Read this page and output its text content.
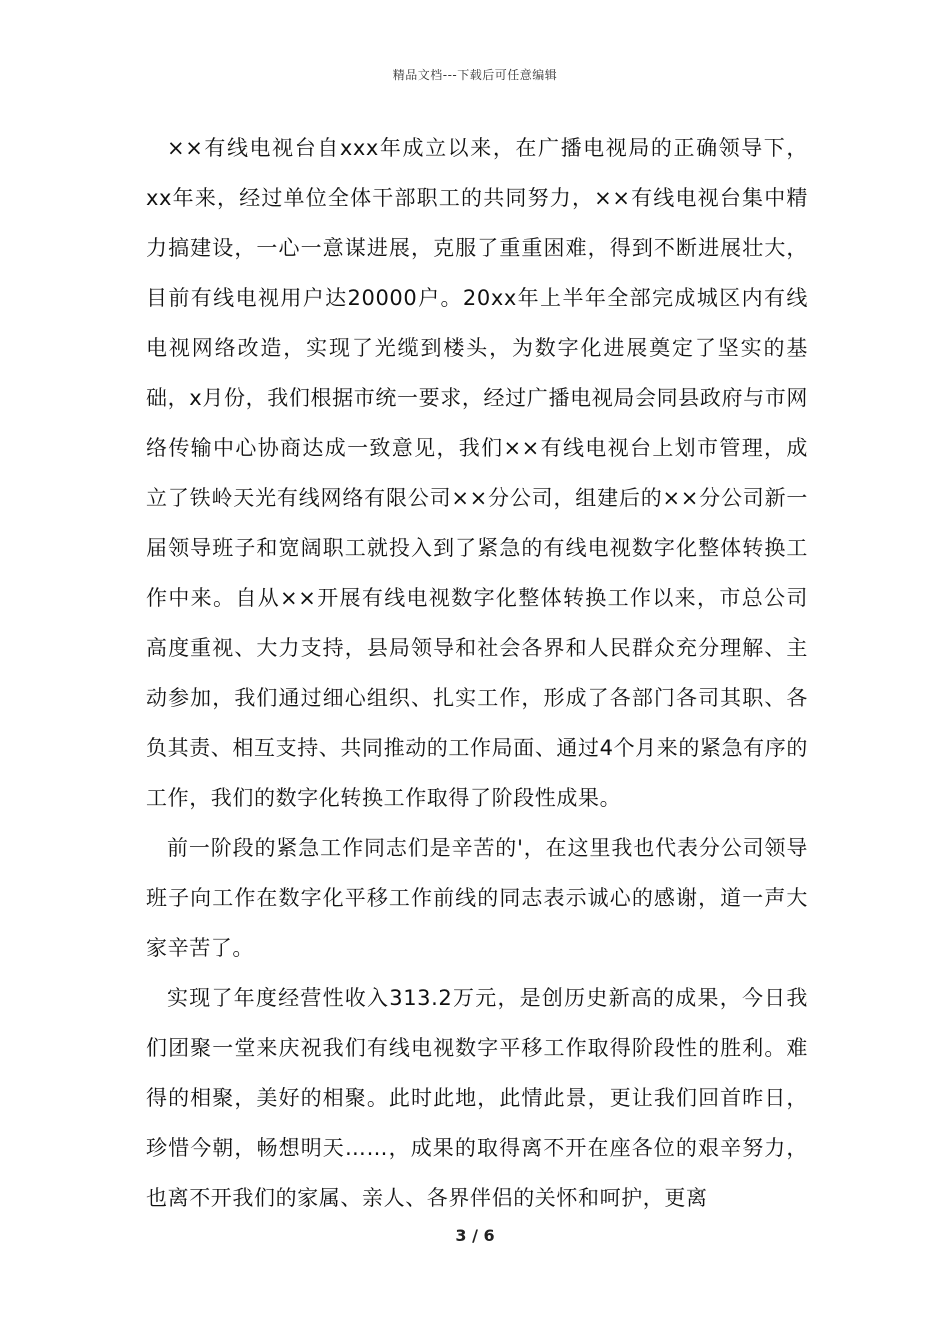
精品文档---下载后可任意编辑

××有线电视台自xxx年成立以来，在广播电视局的正确领导下，xx年来，经过单位全体干部职工的共同努力，××有线电视台集中精力搞建设，一心一意谋进展，克服了重重困难，得到不断进展壮大，目前有线电视用户达20000户。20xx年上半年全部完成城区内有线电视网络改造，实现了光缆到楼头，为数字化进展奠定了坚实的基础，x月份，我们根据市统一要求，经过广播电视局会同县政府与市网络传输中心协商达成一致意见，我们××有线电视台上划市管理，成立了铁岭天光有线网络有限公司××分公司，组建后的××分公司新一届领导班子和宽阔职工就投入到了紧急的有线电视数字化整体转换工作中来。自从××开展有线电视数字化整体转换工作以来，市总公司高度重视、大力支持，县局领导和社会各界和人民群众充分理解、主动参加，我们通过细心组织、扎实工作，形成了各部门各司其职、各负其责、相互支持、共同推动的工作局面、通过4个月来的紧急有序的工作，我们的数字化转换工作取得了阶段性成果。

前一阶段的紧急工作同志们是辛苦的'，在这里我也代表分公司领导班子向工作在数字化平移工作前线的同志表示诚心的感谢，道一声大家辛苦了。

实现了年度经营性收入313.2万元，是创历史新高的成果，今日我们团聚一堂来庆祝我们有线电视数字平移工作取得阶段性的胜利。难得的相聚，美好的相聚。此时此地，此情此景，更让我们回首昨日，珍惜今朝，畅想明天……，成果的取得离不开在座各位的艰辛努力，也离不开我们的家属、亲人、各界伴侣的关怀和呵护，更离

3 / 6
